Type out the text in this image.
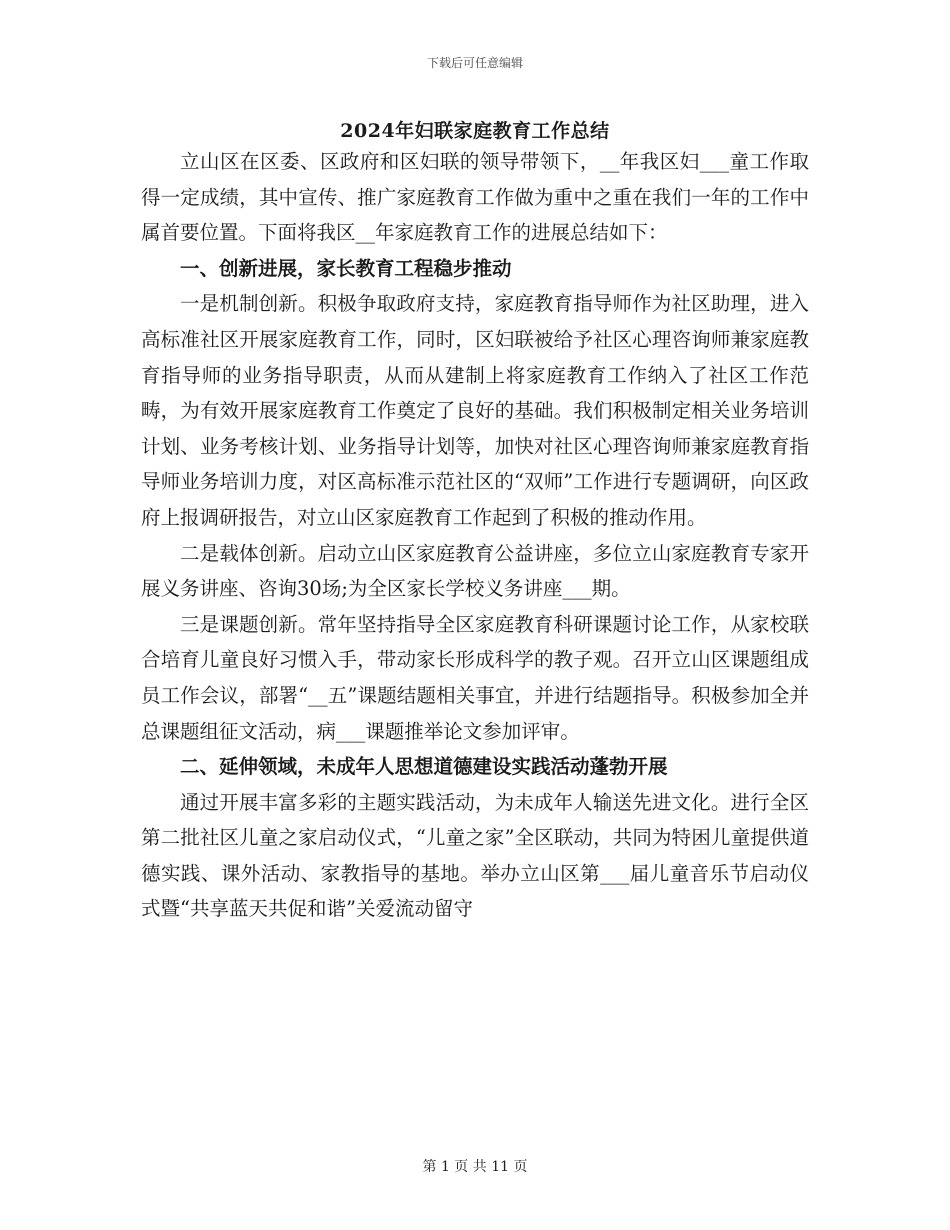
下载后可任意编辑
2024年妇联家庭教育工作总结

立山区在区委、区政府和区妇联的领导带领下，__年我区妇___童工作取得一定成绩，其中宣传、推广家庭教育工作做为重中之重在我们一年的工作中属首要位置。下面将我区__年家庭教育工作的进展总结如下：

一、创新进展，家长教育工程稳步推动

一是机制创新。积极争取政府支持，家庭教育指导师作为社区助理，进入高标准社区开展家庭教育工作，同时，区妇联被给予社区心理咨询师兼家庭教育指导师的业务指导职责，从而从建制上将家庭教育工作纳入了社区工作范畴，为有效开展家庭教育工作奠定了良好的基础。我们积极制定相关业务培训计划、业务考核计划、业务指导计划等，加快对社区心理咨询师兼家庭教育指导师业务培训力度，对区高标准示范社区的“双师”工作进行专题调研，向区政府上报调研报告，对立山区家庭教育工作起到了积极的推动作用。

二是载体创新。启动立山区家庭教育公益讲座，多位立山家庭教育专家开展义务讲座、咨询30场;为全区家长学校义务讲座___期。

三是课题创新。常年坚持指导全区家庭教育科研课题讨论工作，从家校联合培育儿童良好习惯入手，带动家长形成科学的教子观。召开立山区课题组成员工作会议，部署“__五”课题结题相关事宜，并进行结题指导。积极参加全并总课题组征文活动，病___课题推举论文参加评审。

二、延伸领域，未成年人思想道德建设实践活动蓬勃开展

通过开展丰富多彩的主题实践活动，为未成年人输送先进文化。进行全区第二批社区儿童之家启动仪式，“儿童之家”全区联动，共同为特困儿童提供道德实践、课外活动、家教指导的基地。举办立山区第___届儿童音乐节启动仪式暨“共享蓝天共促和谐”关爱流动留守

第 1 页 共 11 页
